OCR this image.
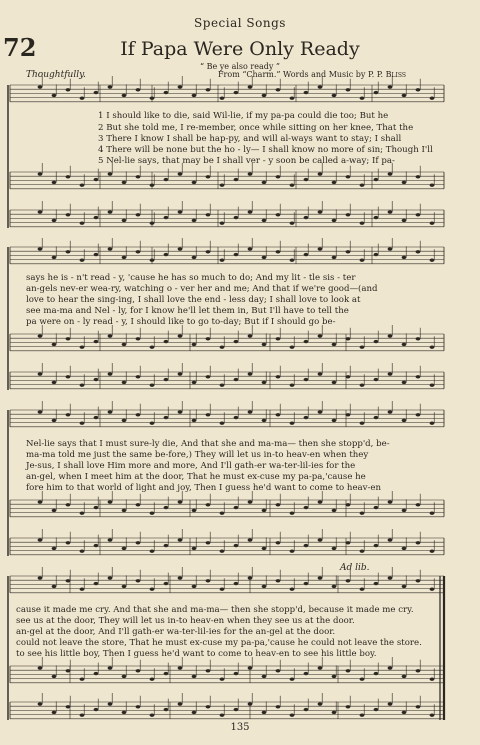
Special Songs
72	If Papa Were Only Ready
“ Be ye also ready ”
Thoughtfully.	From “Charm.” Words and Music by P. P. Bliss
1 I should like to die, said Wil-lie, if my pa-pa could die too; But he
2 But she told me, I re-member, once while sitting on her knee, That the
3 There I know I shall be hap-py, and will al-ways want to stay; I shall
4 There will be none but the ho - ly— I shall know no more of sin; Though I'll
5 Nel-lie says, that may be I shall ver - y soon be called a-way; If pa-
says he is - n't read - y, 'cause he has so much to do; And my lit - tle sis - ter
an-gels nev-er wea-ry, watching o - ver her and me; And that if we're good—(and
love to hear the sing-ing, I shall love the end - less day; I shall love to look at
see ma-ma and Nel - ly, for I know he'll let them in, But I'll have to tell the
pa were on - ly read - y, I should like to go to-day; But if I should go be-
Nel-lie says that I must sure-ly die, And that she and ma-ma— then she stopp'd, be-
ma-ma told me just the same be-fore,) They will let us in-to heav-en when they
Je-sus, I shall love Him more and more, And I'll gath-er wa-ter-lil-ies for the
an-gel, when I meet him at the door, That he must ex-cuse my pa-pa,'cause he
fore him to that world of light and joy, Then I guess he'd want to come to heav-en
Ad lib.
cause it made me cry. And that she and ma-ma— then she stopp'd, because it made me cry.
see us at the door, They will let us in-to heav-en when they see us at the door.
an-gel at the door, And I'll gath-er wa-ter-lil-ies for the an-gel at the door.
could not leave the store, That he must ex-cuse my pa-pa,'cause he could not leave the store.
to see his little boy, Then I guess he'd want to come to heav-en to see his little boy.
135
